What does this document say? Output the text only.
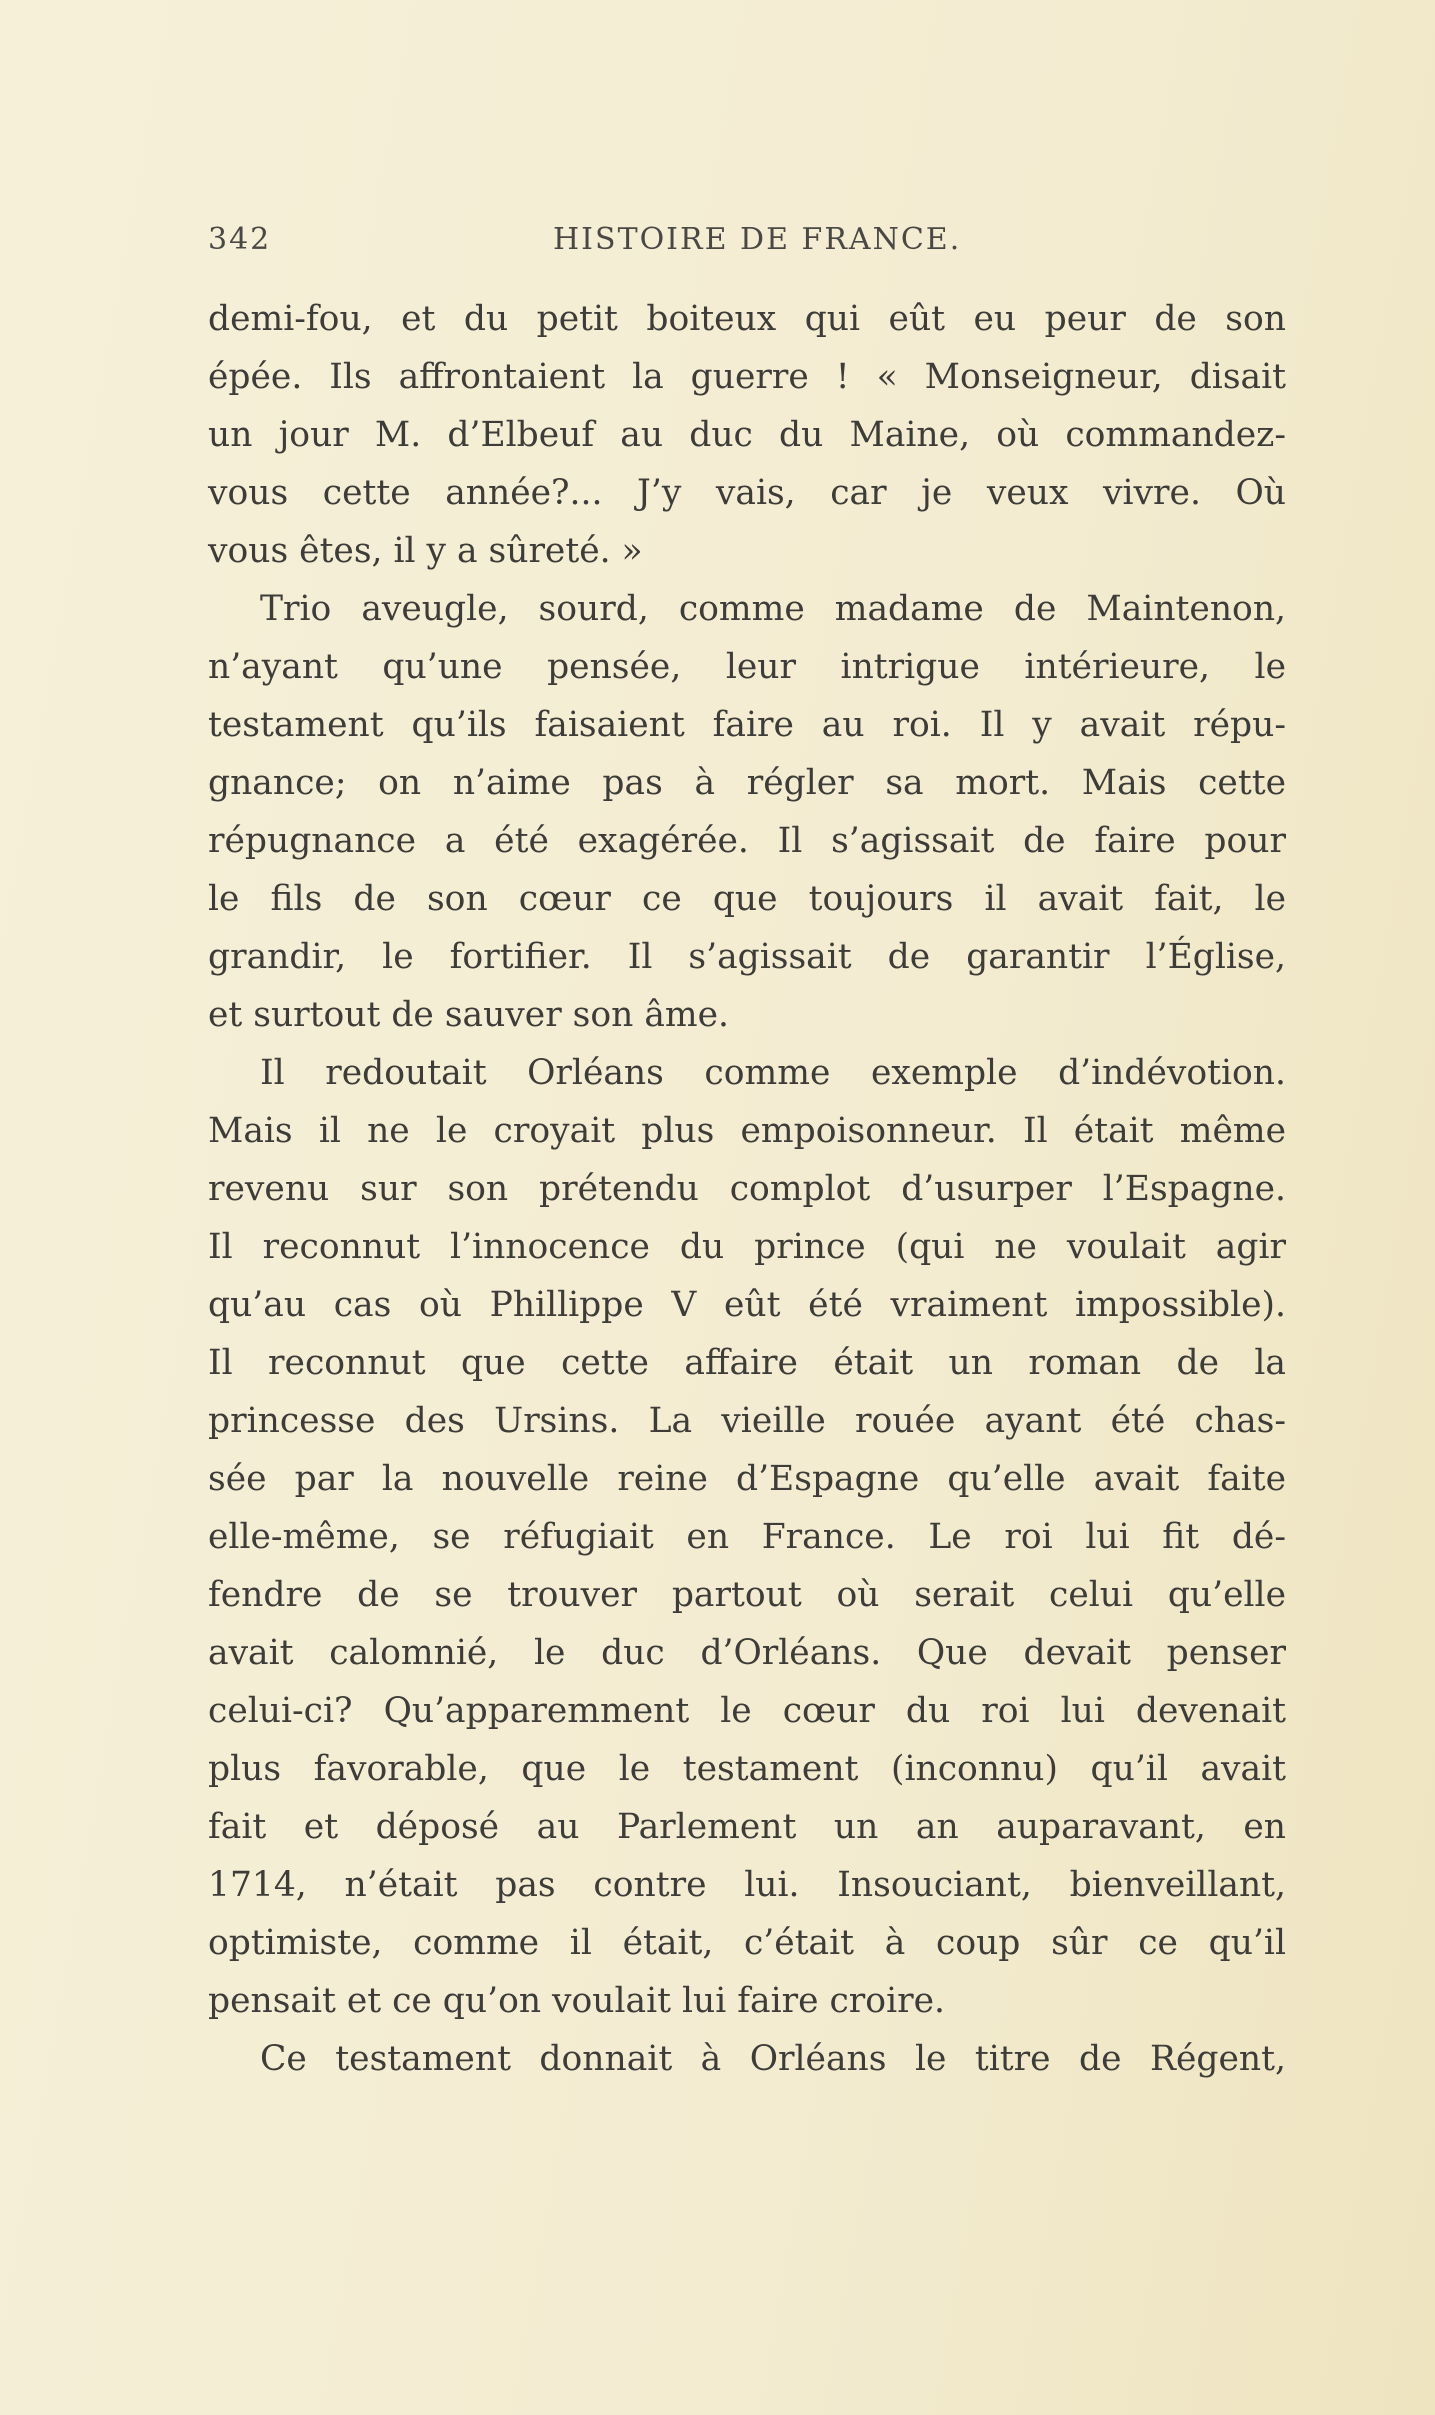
342	HISTOIRE DE FRANCE.
demi-fou, et du petit boiteux qui eût eu peur de son
épée. Ils affrontaient la guerre ! « Monseigneur, disait
un jour M. d’Elbeuf au duc du Maine, où commandez-
vous cette année?... J’y vais, car je veux vivre. Où
vous êtes, il y a sûreté. »
Trio aveugle, sourd, comme madame de Maintenon,
n’ayant qu’une pensée, leur intrigue intérieure, le
testament qu’ils faisaient faire au roi. Il y avait répu-
gnance; on n’aime pas à régler sa mort. Mais cette
répugnance a été exagérée. Il s’agissait de faire pour
le fils de son cœur ce que toujours il avait fait, le
grandir, le fortifier. Il s’agissait de garantir l’Église,
et surtout de sauver son âme.
Il redoutait Orléans comme exemple d’indévotion.
Mais il ne le croyait plus empoisonneur. Il était même
revenu sur son prétendu complot d’usurper l’Espagne.
Il reconnut l’innocence du prince (qui ne voulait agir
qu’au cas où Phillippe V eût été vraiment impossible).
Il reconnut que cette affaire était un roman de la
princesse des Ursins. La vieille rouée ayant été chas-
sée par la nouvelle reine d’Espagne qu’elle avait faite
elle-même, se réfugiait en France. Le roi lui fit dé-
fendre de se trouver partout où serait celui qu’elle
avait calomnié, le duc d’Orléans. Que devait penser
celui-ci? Qu’apparemment le cœur du roi lui devenait
plus favorable, que le testament (inconnu) qu’il avait
fait et déposé au Parlement un an auparavant, en
1714, n’était pas contre lui. Insouciant, bienveillant,
optimiste, comme il était, c’était à coup sûr ce qu’il
pensait et ce qu’on voulait lui faire croire.
Ce testament donnait à Orléans le titre de Régent,
